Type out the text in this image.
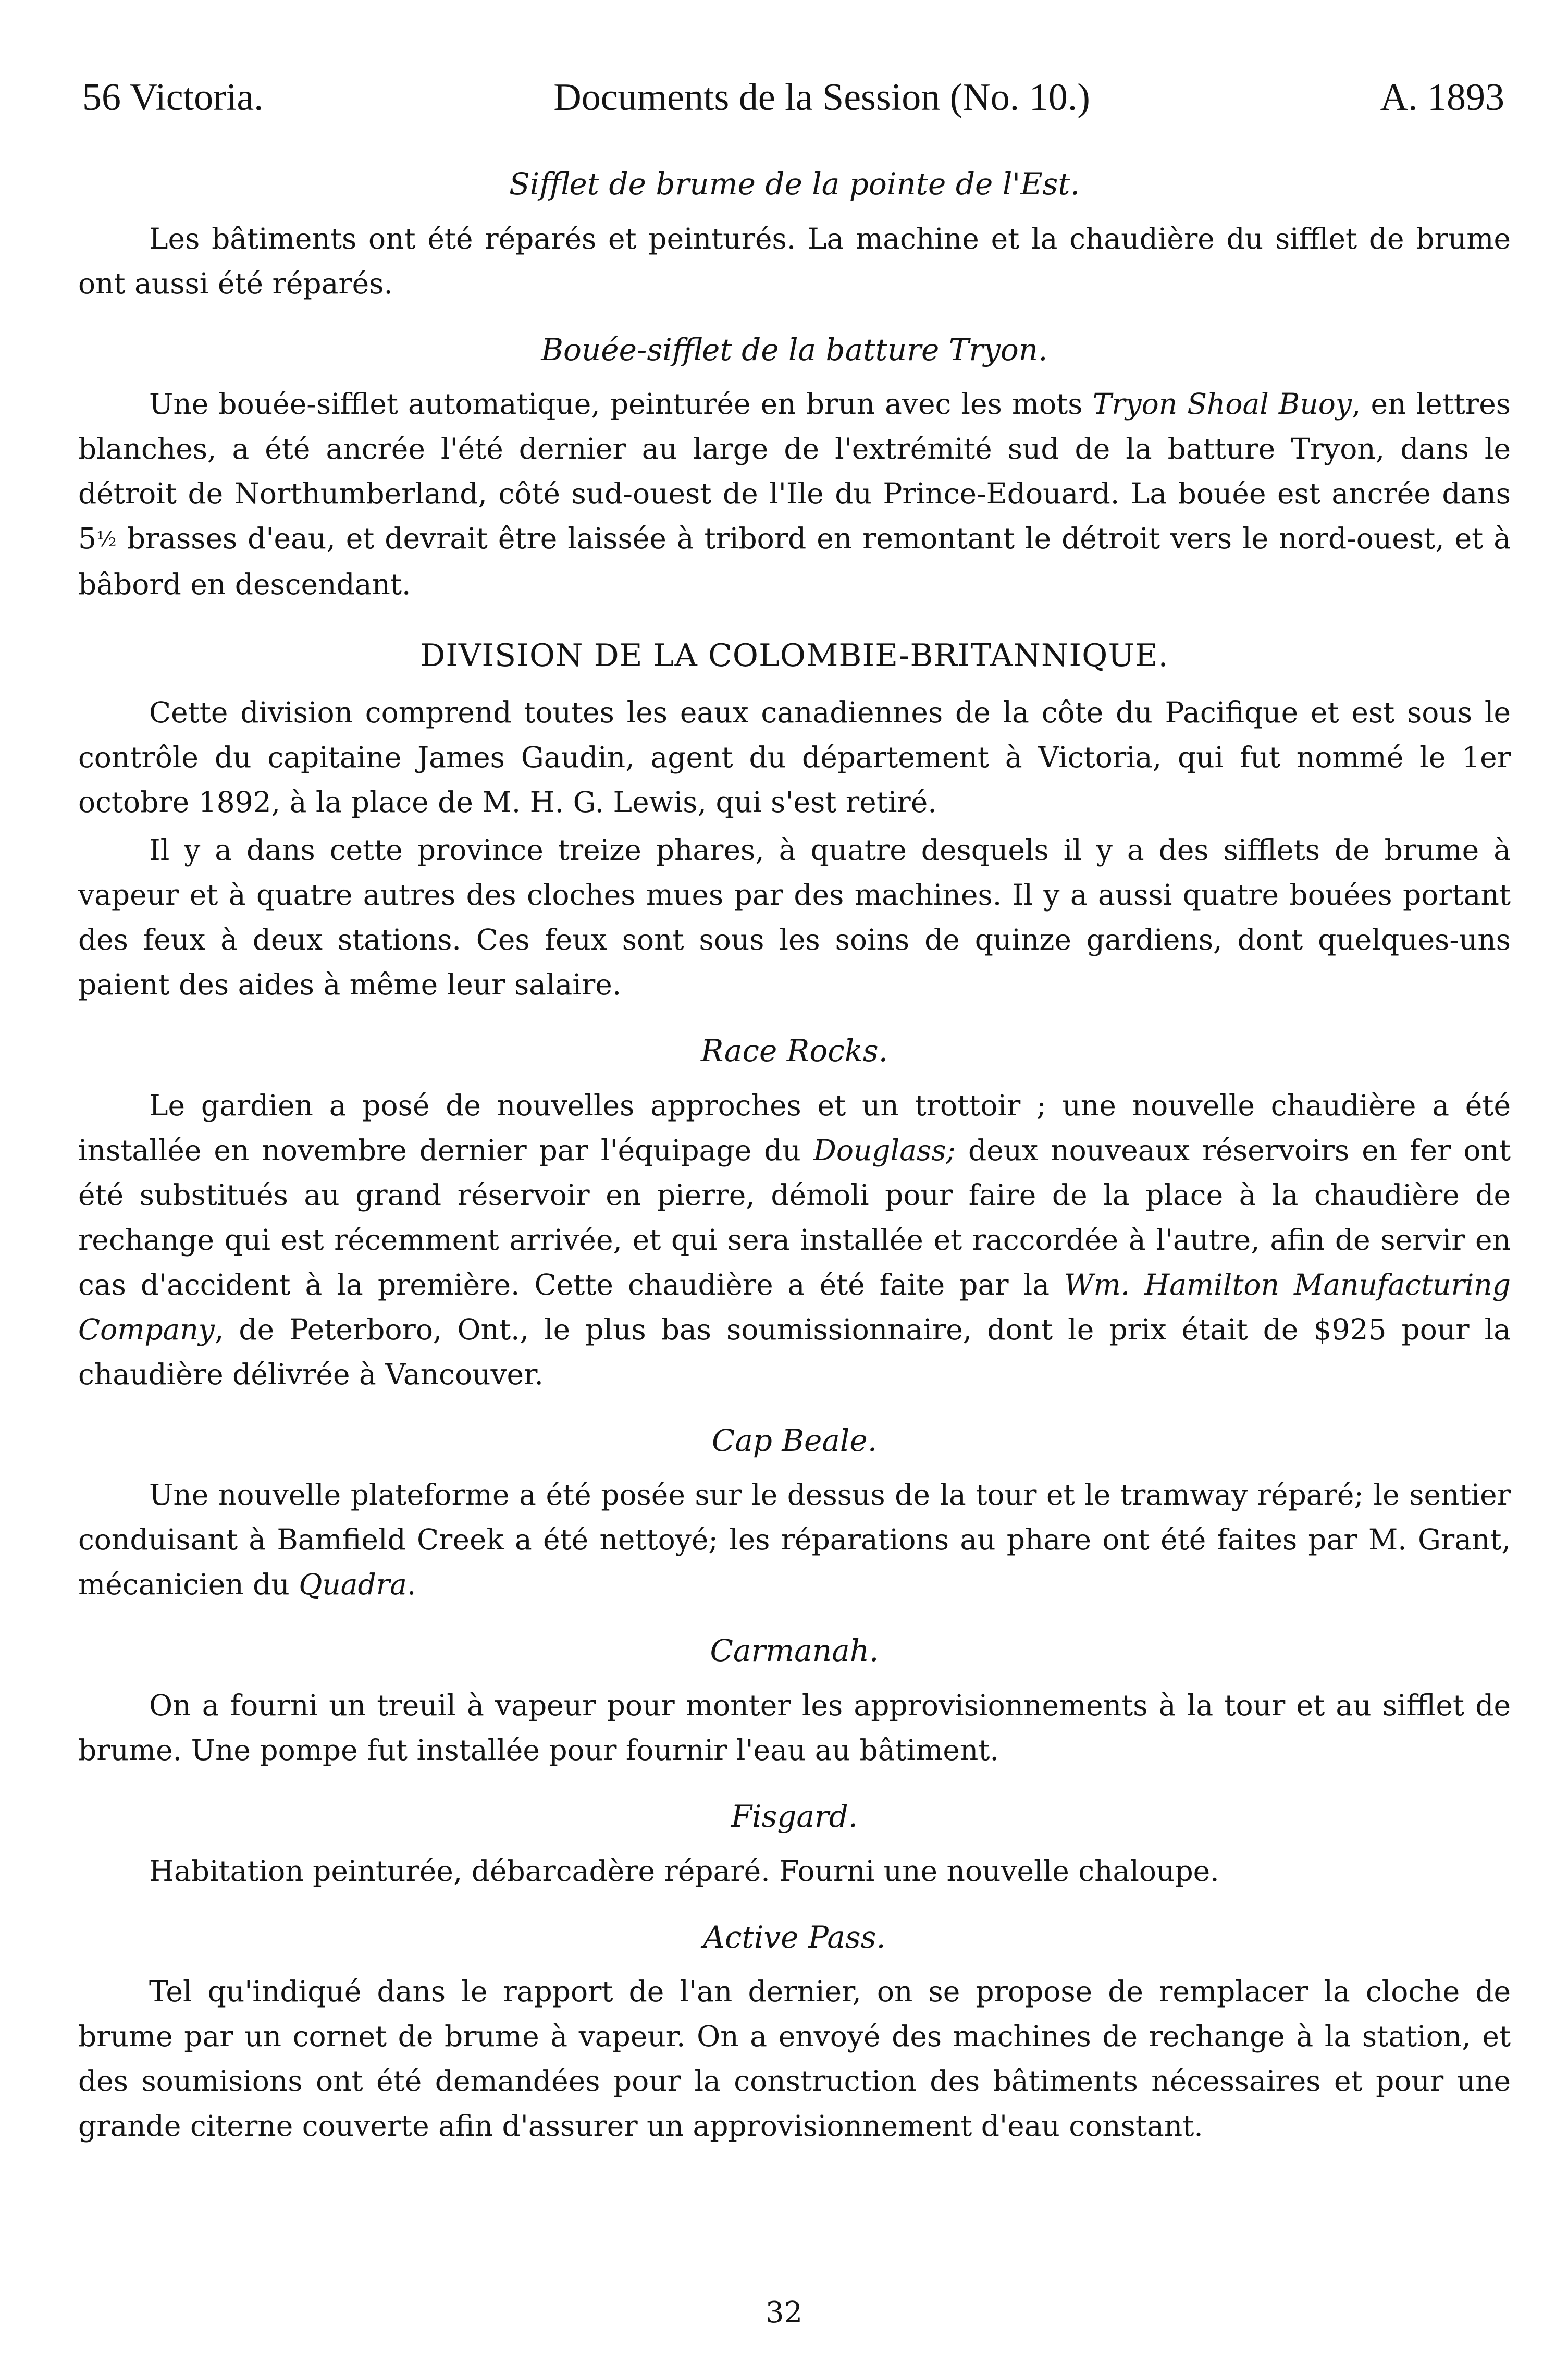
56 Victoria.	Documents de la Session (No. 10.)	A. 1893
Sifflet de brume de la pointe de l'Est.

Les bâtiments ont été réparés et peinturés. La machine et la chaudière du sifflet de brume ont aussi été réparés.

Bouée-sifflet de la batture Tryon.

Une bouée-sifflet automatique, peinturée en brun avec les mots Tryon Shoal Buoy, en lettres blanches, a été ancrée l'été dernier au large de l'extrémité sud de la batture Tryon, dans le détroit de Northumberland, côté sud-ouest de l'Ile du Prince-Edouard. La bouée est ancrée dans 5½ brasses d'eau, et devrait être laissée à tribord en remontant le détroit vers le nord-ouest, et à bâbord en descendant.

DIVISION DE LA COLOMBIE-BRITANNIQUE.

Cette division comprend toutes les eaux canadiennes de la côte du Pacifique et est sous le contrôle du capitaine James Gaudin, agent du département à Victoria, qui fut nommé le 1er octobre 1892, à la place de M. H. G. Lewis, qui s'est retiré.

Il y a dans cette province treize phares, à quatre desquels il y a des sifflets de brume à vapeur et à quatre autres des cloches mues par des machines. Il y a aussi quatre bouées portant des feux à deux stations. Ces feux sont sous les soins de quinze gardiens, dont quelques-uns paient des aides à même leur salaire.

Race Rocks.

Le gardien a posé de nouvelles approches et un trottoir ; une nouvelle chaudière a été installée en novembre dernier par l'équipage du Douglass; deux nouveaux réservoirs en fer ont été substitués au grand réservoir en pierre, démoli pour faire de la place à la chaudière de rechange qui est récemment arrivée, et qui sera installée et raccordée à l'autre, afin de servir en cas d'accident à la première. Cette chaudière a été faite par la Wm. Hamilton Manufacturing Company, de Peterboro, Ont., le plus bas soumissionnaire, dont le prix était de $925 pour la chaudière délivrée à Vancouver.

Cap Beale.

Une nouvelle plateforme a été posée sur le dessus de la tour et le tramway réparé; le sentier conduisant à Bamfield Creek a été nettoyé; les réparations au phare ont été faites par M. Grant, mécanicien du Quadra.

Carmanah.

On a fourni un treuil à vapeur pour monter les approvisionnements à la tour et au sifflet de brume. Une pompe fut installée pour fournir l'eau au bâtiment.

Fisgard.

Habitation peinturée, débarcadère réparé. Fourni une nouvelle chaloupe.

Active Pass.

Tel qu'indiqué dans le rapport de l'an dernier, on se propose de remplacer la cloche de brume par un cornet de brume à vapeur. On a envoyé des machines de rechange à la station, et des soumisions ont été demandées pour la construction des bâtiments nécessaires et pour une grande citerne couverte afin d'assurer un approvisionnement d'eau constant.

32
